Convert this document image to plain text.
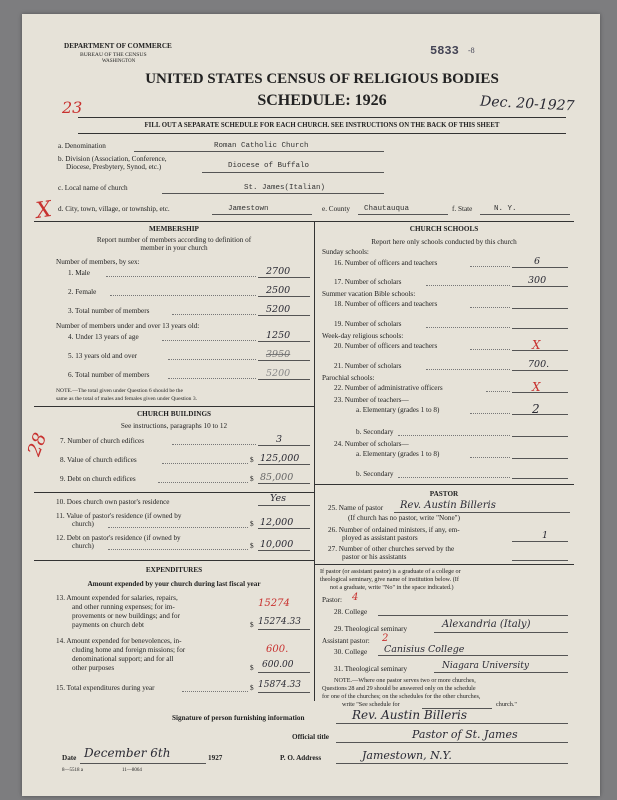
DEPARTMENT OF COMMERCE
BUREAU OF THE CENSUS
WASHINGTON
5833 -8
UNITED STATES CENSUS OF RELIGIOUS BODIES
SCHEDULE: 1926
23	Dec. 20-1927
FILL OUT A SEPARATE SCHEDULE FOR EACH CHURCH. SEE INSTRUCTIONS ON THE BACK OF THIS SHEET
a. Denomination	Roman Catholic Church
b. Division (Association, Conference,
Diocese, Presbytery, Synod, etc.)	Diocese of Buffalo
c. Local name of church	St. James(Italian)
X d. City, town, village, or township, etc.	Jamestown	e. County Chautauqua	f. State	N. Y.
MEMBERSHIP
Report number of members according to definition of
member in your church
Number of members, by sex:
1. Male	2700
2. Female	2500
3. Total number of members	5200
Number of members under and over 13 years old:
4. Under 13 years of age	1250
5. 13 years old and over	3950
6. Total number of members	5200
NOTE.—The total given under Question 6 should be the
same as the total of males and females given under Question 3.
CHURCH BUILDINGS
See instructions, paragraphs 10 to 12
28 7. Number of church edifices	3
8. Value of church edifices	$ 125,000
9. Debt on church edifices	$ 85,000
10. Does church own pastor's residence	Yes
11. Value of pastor's residence (if owned by
church)	$ 12,000
12. Debt on pastor's residence (if owned by
church)	$ 10,000
EXPENDITURES
Amount expended by your church during last fiscal year
13. Amount expended for salaries, repairs,
and other running expenses; for im-
provements or new buildings; and for
payments on church debt
15274
$ 15274.33
14. Amount expended for benevolences, in-
cluding home and foreign missions; for
denominational support; and for all
other purposes
600.
$ 600.00
15. Total expenditures during year	$ 15874.33
CHURCH SCHOOLS
Report here only schools conducted by this church
Sunday schools:
16. Number of officers and teachers	6
17. Number of scholars	300
Summer vacation Bible schools:
18. Number of officers and teachers
19. Number of scholars
Week-day religious schools:
20. Number of officers and teachers	X
21. Number of scholars	700.
Parochial schools:
22. Number of administrative officers	X
23. Number of teachers—
a. Elementary (grades 1 to 8)	2
b. Secondary
24. Number of scholars—
a. Elementary (grades 1 to 8)
b. Secondary
PASTOR
25. Name of pastor Rev. Austin Billeris
(If church has no pastor, write "None")
26. Number of ordained ministers, if any, em-
ployed as assistant pastors	1
27. Number of other churches served by the
pastor or his assistants
If pastor (or assistant pastor) is a graduate of a college or
theological seminary, give name of institution below. (If
not a graduate, write "No" in the space indicated.)
Pastor: 4
28. College
29. Theological seminary	Alexandria (Italy)
Assistant pastor: 2
30. College Canisius College
31. Theological seminary	Niagara University
NOTE.—Where one pastor serves two or more churches,
Questions 28 and 29 should be answered only on the schedule
for one of the churches; on the schedules for the other churches,
write "See schedule for	church."
Signature of person furnishing information	Rev. Austin Billeris
Official title	Pastor of St. James
Date December 6th	1927	P. O. Address	Jamestown, N.Y.
8—5518 a	11—8064
